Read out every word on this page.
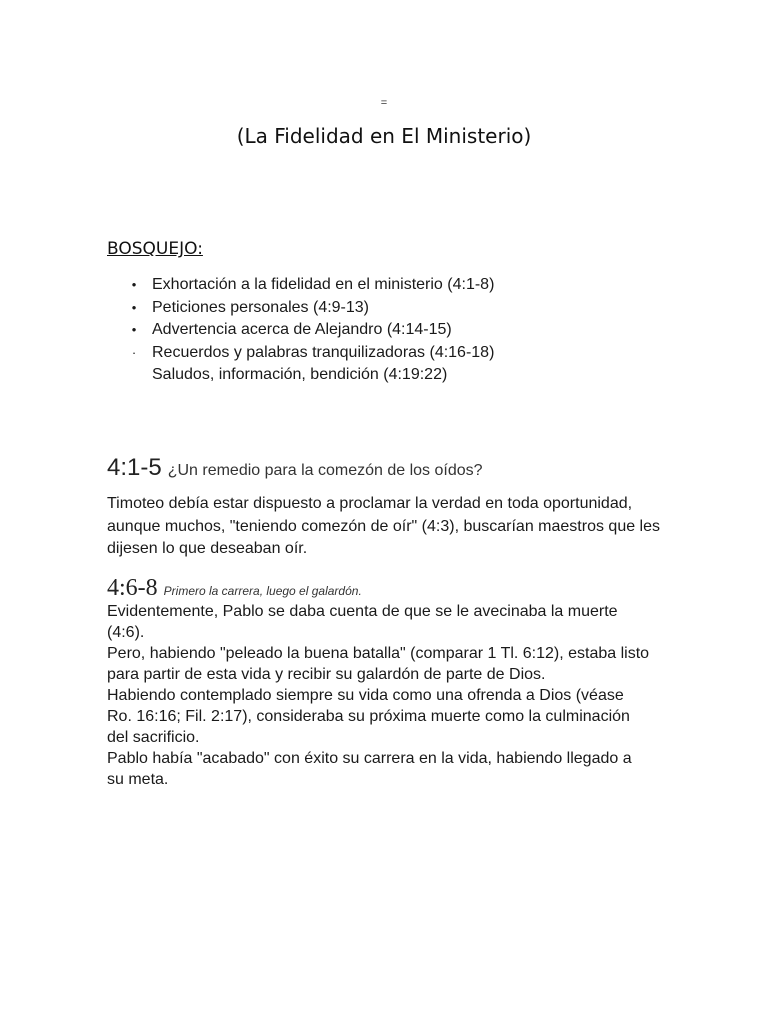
=
(La Fidelidad en El Ministerio)
BOSQUEJO:
• Exhortación a la fidelidad en el ministerio (4:1-8)
• Peticiones personales (4:9-13)
• Advertencia acerca de Alejandro (4:14-15)
· Recuerdos y palabras tranquilizadoras (4:16-18)
Saludos, información, bendición (4:19:22)
4:1-5 ¿Un remedio para la comezón de los oídos?

Timoteo debía estar dispuesto a proclamar la verdad en toda oportunidad, aunque muchos, "teniendo comezón de oír" (4:3), buscarían maestros que les dijesen lo que deseaban oír.

4:6-8 Primero la carrera, luego el galardón.

Evidentemente, Pablo se daba cuenta de que se le avecinaba la muerte (4:6).

Pero, habiendo "peleado la buena batalla" (comparar 1 Tl. 6:12), estaba listo para partir de esta vida y recibir su galardón de parte de Dios.

Habiendo contemplado siempre su vida como una ofrenda a Dios (véase Ro. 16:16; Fil. 2:17), consideraba su próxima muerte como la culminación del sacrificio.

Pablo había "acabado" con éxito su carrera en la vida, habiendo llegado a su meta.
